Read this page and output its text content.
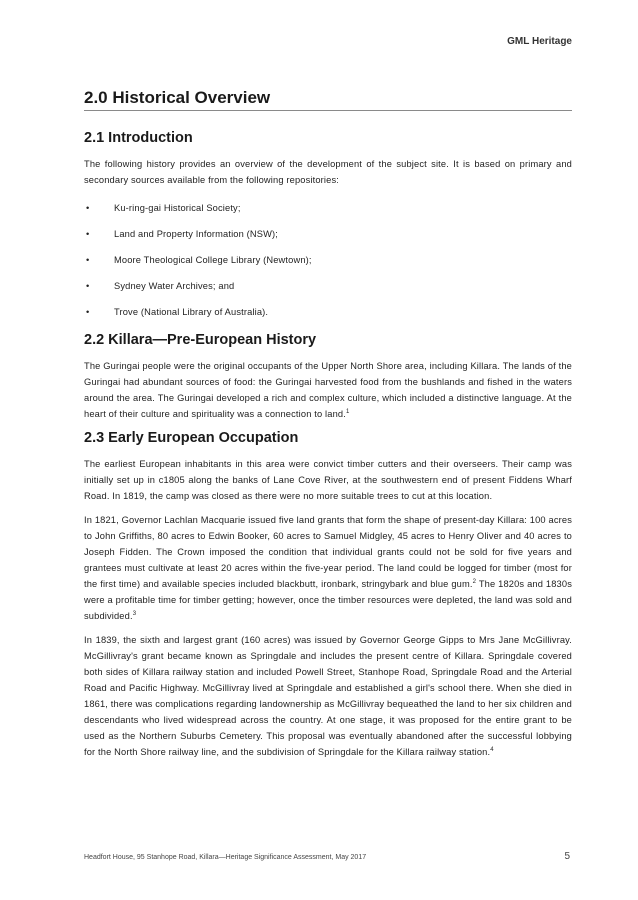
GML Heritage
2.0 Historical Overview
2.1 Introduction

The following history provides an overview of the development of the subject site. It is based on primary and secondary sources available from the following repositories:

•	Ku-ring-gai Historical Society;
•	Land and Property Information (NSW);
•	Moore Theological College Library (Newtown);
•	Sydney Water Archives; and
•	Trove (National Library of Australia).
2.2 Killara—Pre-European History

The Guringai people were the original occupants of the Upper North Shore area, including Killara. The lands of the Guringai had abundant sources of food: the Guringai harvested food from the bushlands and fished in the waters around the area. The Guringai developed a rich and complex culture, which included a distinctive language. At the heart of their culture and spirituality was a connection to land.$^1$

2.3 Early European Occupation

The earliest European inhabitants in this area were convict timber cutters and their overseers. Their camp was initially set up in c1805 along the banks of Lane Cove River, at the southwestern end of present Fiddens Wharf Road. In 1819, the camp was closed as there were no more suitable trees to cut at this location.

In 1821, Governor Lachlan Macquarie issued five land grants that form the shape of present-day Killara: 100 acres to John Griffiths, 80 acres to Edwin Booker, 60 acres to Samuel Midgley, 45 acres to Henry Oliver and 40 acres to Joseph Fidden. The Crown imposed the condition that individual grants could not be sold for five years and grantees must cultivate at least 20 acres within the five-year period. The land could be logged for timber (most for the first time) and available species included blackbutt, ironbark, stringybark and blue gum.$^2$ The 1820s and 1830s were a profitable time for timber getting; however, once the timber resources were depleted, the land was sold and subdivided.$^3$

In 1839, the sixth and largest grant (160 acres) was issued by Governor George Gipps to Mrs Jane McGillivray. McGillivray's grant became known as Springdale and includes the present centre of Killara. Springdale covered both sides of Killara railway station and included Powell Street, Stanhope Road, Springdale Road and the Arterial Road and Pacific Highway. McGillivray lived at Springdale and established a girl's school there. When she died in 1861, there was complications regarding landownership as McGillivray bequeathed the land to her six children and descendants who lived widespread across the country. At one stage, it was proposed for the entire grant to be used as the Northern Suburbs Cemetery. This proposal was eventually abandoned after the successful lobbying for the North Shore railway line, and the subdivision of Springdale for the Killara railway station.$^4$

Headfort House, 95 Stanhope Road, Killara—Heritage Significance Assessment, May 2017	5
